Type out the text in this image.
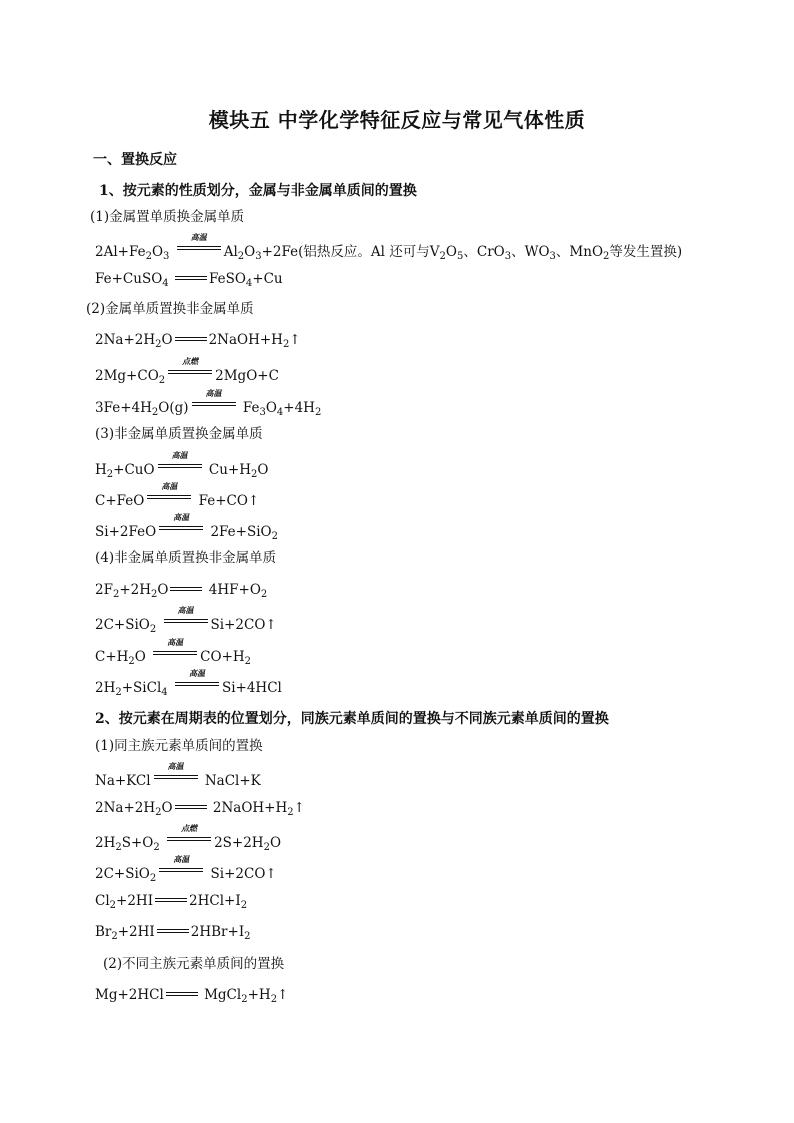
模块五 中学化学特征反应与常见气体性质
一、置换反应
1、按元素的性质划分，金属与非金属单质间的置换
(1)金属置单质换金属单质
$2Al+Fe_2O_3$
高温
$Al_2O_3+2Fe$(铝热反应。Al 还可与$V_2O_5$、CrO$_3$、$WO_3$、MnO$_2$等发生置换)
Fe+CuSO$_4$	FeSO$_4$+Cu
(2)金属单质置换非金属单质
$2Na+2H_2O$	$2NaOH+H_2↑$
$2Mg+CO_2$
点燃
2MgO+C
$3Fe+4H_2O(g)$
高温
$Fe_3O_4+4H_2$
(3)非金属单质置换金属单质
$H_2+CuO$
高温
$Cu+H_2O$
C+FeO
高温
Fe+CO↑
Si+2FeO
高温
2Fe+SiO$_2$
(4)非金属单质置换非金属单质
$2F_2+2H_2O$	$4HF+O_2$
2C+SiO$_2$
高温
Si+2CO↑
$C+H_2O$
高温
$CO+H_2$
$2H_2+SiCl_4$
高温
Si+4HCl
2、按元素在周期表的位置划分，同族元素单质间的置换与不同族元素单质间的置换
(1)同主族元素单质间的置换
Na+KCl
高温
NaCl+K
$2Na+2H_2O$	$2NaOH+H_2↑$
$2H_2S+O_2$
点燃
$2S+2H_2O$
2C+SiO$_2$
高温
Si+2CO↑
$Cl_2+2HI$	$2HCl+I_2$
$Br_2+2HI$	$2HBr+I_2$
(2)不同主族元素单质间的置换
Mg+2HCl	$MgCl_2+H_2↑$
